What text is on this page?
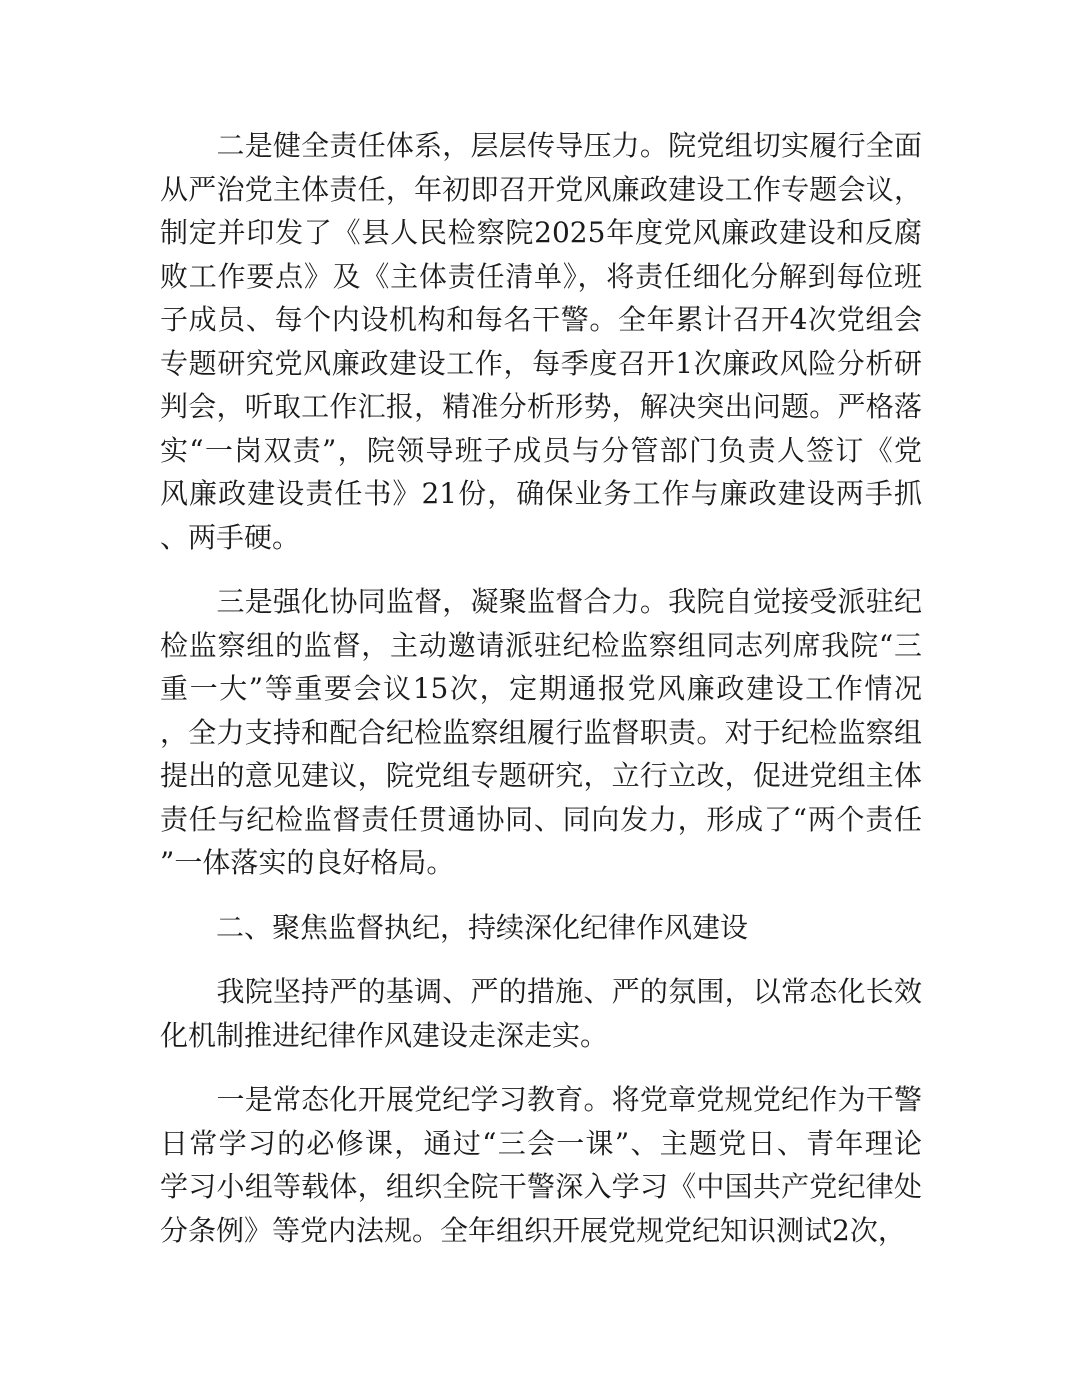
　　二是健全责任体系，层层传导压力。院党组切实履行全面
从严治党主体责任，年初即召开党风廉政建设工作专题会议，
制定并印发了《县人民检察院2025年度党风廉政建设和反腐
败工作要点》及《主体责任清单》，将责任细化分解到每位班
子成员、每个内设机构和每名干警。全年累计召开4次党组会
专题研究党风廉政建设工作，每季度召开1次廉政风险分析研
判会，听取工作汇报，精准分析形势，解决突出问题。严格落
实“一岗双责”，院领导班子成员与分管部门负责人签订《党
风廉政建设责任书》21份，确保业务工作与廉政建设两手抓
、两手硬。
　　三是强化协同监督，凝聚监督合力。我院自觉接受派驻纪
检监察组的监督，主动邀请派驻纪检监察组同志列席我院“三
重一大”等重要会议15次，定期通报党风廉政建设工作情况
，全力支持和配合纪检监察组履行监督职责。对于纪检监察组
提出的意见建议，院党组专题研究，立行立改，促进党组主体
责任与纪检监督责任贯通协同、同向发力，形成了“两个责任
”一体落实的良好格局。
　　二、聚焦监督执纪，持续深化纪律作风建设
　　我院坚持严的基调、严的措施、严的氛围，以常态化长效
化机制推进纪律作风建设走深走实。
　　一是常态化开展党纪学习教育。将党章党规党纪作为干警
日常学习的必修课，通过“三会一课”、主题党日、青年理论
学习小组等载体，组织全院干警深入学习《中国共产党纪律处
分条例》等党内法规。全年组织开展党规党纪知识测试2次，
